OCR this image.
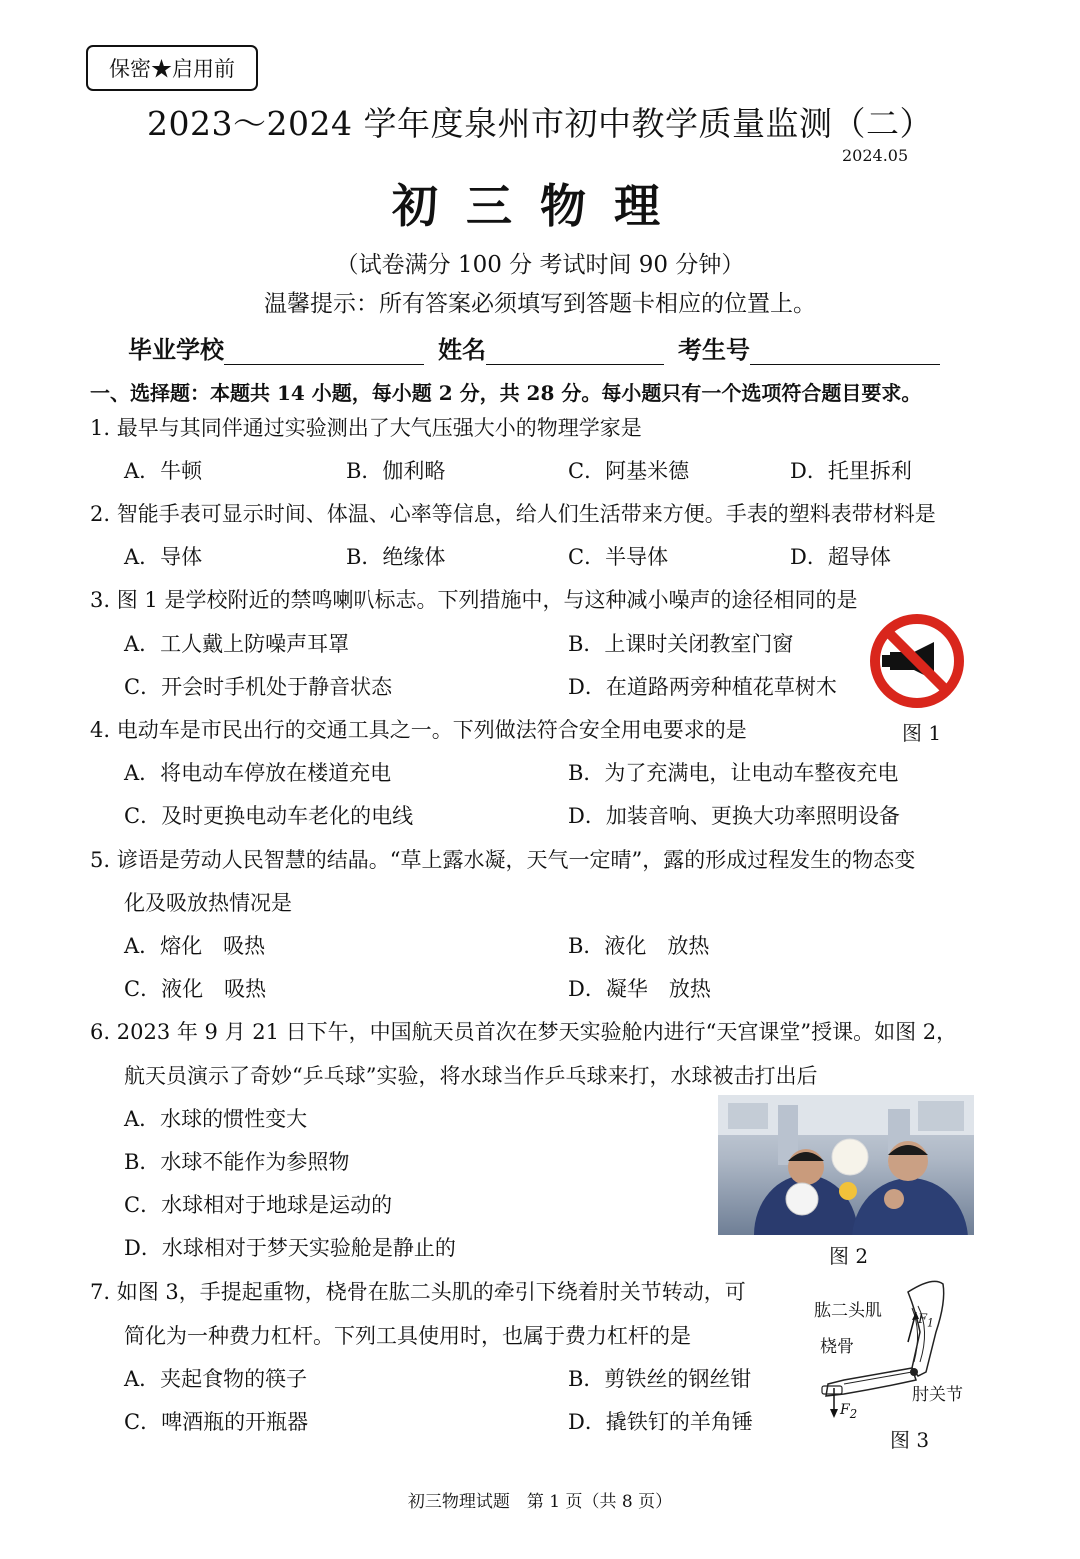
保密★启用前
2023～2024 学年度泉州市初中教学质量监测（二）
2024.05
初三物理
（试卷满分 100 分 考试时间 90 分钟）
温馨提示：所有答案必须填写到答题卡相应的位置上。
毕业学校	姓名	考生号
一、选择题：本题共 14 小题，每小题 2 分，共 28 分。每小题只有一个选项符合题目要求。
1. 最早与其同伴通过实验测出了大气压强大小的物理学家是
A．牛顿	B．伽利略	C．阿基米德	D．托里拆利
2. 智能手表可显示时间、体温、心率等信息，给人们生活带来方便。手表的塑料表带材料是
A．导体	B．绝缘体	C．半导体	D．超导体
3. 图 1 是学校附近的禁鸣喇叭标志。下列措施中，与这种减小噪声的途径相同的是
A．工人戴上防噪声耳罩	B．上课时关闭教室门窗
C．开会时手机处于静音状态	D．在道路两旁种植花草树木
图 1
4. 电动车是市民出行的交通工具之一。下列做法符合安全用电要求的是
A．将电动车停放在楼道充电	B．为了充满电，让电动车整夜充电
C．及时更换电动车老化的电线	D．加装音响、更换大功率照明设备
5. 谚语是劳动人民智慧的结晶。“草上露水凝，天气一定晴”，露的形成过程发生的物态变
化及吸放热情况是
A．熔化　吸热	B．液化　放热
C．液化　吸热	D．凝华　放热
6. 2023 年 9 月 21 日下午，中国航天员首次在梦天实验舱内进行“天宫课堂”授课。如图 2，
航天员演示了奇妙“乒乓球”实验，将水球当作乒乓球来打，水球被击打出后
A．水球的惯性变大
B．水球不能作为参照物
C．水球相对于地球是运动的
D．水球相对于梦天实验舱是静止的	图 2
7. 如图 3，手提起重物，桡骨在肱二头肌的牵引下绕着肘关节转动，可
简化为一种费力杠杆。下列工具使用时，也属于费力杠杆的是
A．夹起食物的筷子	B．剪铁丝的钢丝钳
C．啤酒瓶的开瓶器	D．撬铁钉的羊角锤
肱二头肌
桡骨
肘关节
$F_1$
$F_2$
图 3
初三物理试题　第 1 页（共 8 页）
